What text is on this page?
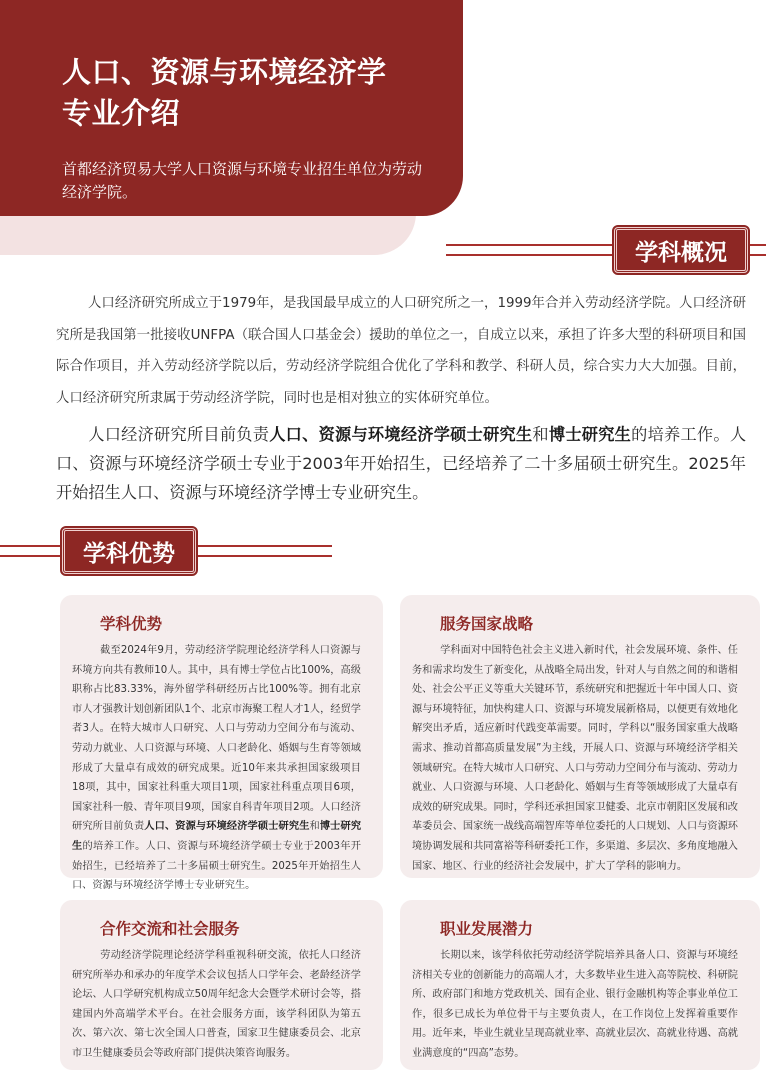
人口、资源与环境经济学
专业介绍
首都经济贸易大学人口资源与环境专业招生单位为劳动经济学院。
学科概况
人口经济研究所成立于1979年，是我国最早成立的人口研究所之一，1999年合并入劳动经济学院。人口经济研究所是我国第一批接收UNFPA（联合国人口基金会）援助的单位之一，自成立以来，承担了许多大型的科研项目和国际合作项目，并入劳动经济学院以后，劳动经济学院组合优化了学科和教学、科研人员，综合实力大大加强。目前，人口经济研究所隶属于劳动经济学院，同时也是相对独立的实体研究单位。
人口经济研究所目前负责人口、资源与环境经济学硕士研究生和博士研究生的培养工作。人口、资源与环境经济学硕士专业于2003年开始招生，已经培养了二十多届硕士研究生。2025年开始招生人口、资源与环境经济学博士专业研究生。
学科优势
学科优势

截至2024年9月，劳动经济学院理论经济学科人口资源与环境方向共有教师10人。其中，具有博士学位占比100%，高级职称占比83.33%，海外留学科研经历占比100%等。拥有北京市人才强教计划创新团队1个、北京市海聚工程人才1人，经贸学者3人。在特大城市人口研究、人口与劳动力空间分布与流动、劳动力就业、人口资源与环境、人口老龄化、婚姻与生育等领域形成了大量卓有成效的研究成果。近10年来共承担国家级项目18项，其中，国家社科重大项目1项，国家社科重点项目6项，国家社科一般、青年项目9项，国家自科青年项目2项。人口经济研究所目前负责人口、资源与环境经济学硕士研究生和博士研究生的培养工作。人口、资源与环境经济学硕士专业于2003年开始招生，已经培养了二十多届硕士研究生。2025年开始招生人口、资源与环境经济学博士专业研究生。

服务国家战略

学科面对中国特色社会主义进入新时代，社会发展环境、条件、任务和需求均发生了新变化，从战略全局出发，针对人与自然之间的和谐相处、社会公平正义等重大关键环节，系统研究和把握近十年中国人口、资源与环境特征，加快构建人口、资源与环境发展新格局，以便更有效地化解突出矛盾，适应新时代践变革需要。同时，学科以“服务国家重大战略需求、推动首都高质量发展”为主线，开展人口、资源与环境经济学相关领域研究。在特大城市人口研究、人口与劳动力空间分布与流动、劳动力就业、人口资源与环境、人口老龄化、婚姻与生育等领域形成了大量卓有成效的研究成果。同时，学科还承担国家卫健委、北京市朝阳区发展和改革委员会、国家统一战线高端智库等单位委托的人口规划、人口与资源环境协调发展和共同富裕等科研委托工作，多渠道、多层次、多角度地融入国家、地区、行业的经济社会发展中，扩大了学科的影响力。

合作交流和社会服务

劳动经济学院理论经济学科重视科研交流，依托人口经济研究所举办和承办的年度学术会议包括人口学年会、老龄经济学论坛、人口学研究机构成立50周年纪念大会暨学术研讨会等，搭建国内外高端学术平台。在社会服务方面，该学科团队为第五次、第六次、第七次全国人口普查，国家卫生健康委员会、北京市卫生健康委员会等政府部门提供决策咨询服务。

职业发展潜力

长期以来，该学科依托劳动经济学院培养具备人口、资源与环境经济相关专业的创新能力的高端人才，大多数毕业生进入高等院校、科研院所、政府部门和地方党政机关、国有企业、银行金融机构等企事业单位工作，很多已成长为单位骨干与主要负责人，在工作岗位上发挥着重要作用。近年来，毕业生就业呈现高就业率、高就业层次、高就业待遇、高就业满意度的“四高”态势。
